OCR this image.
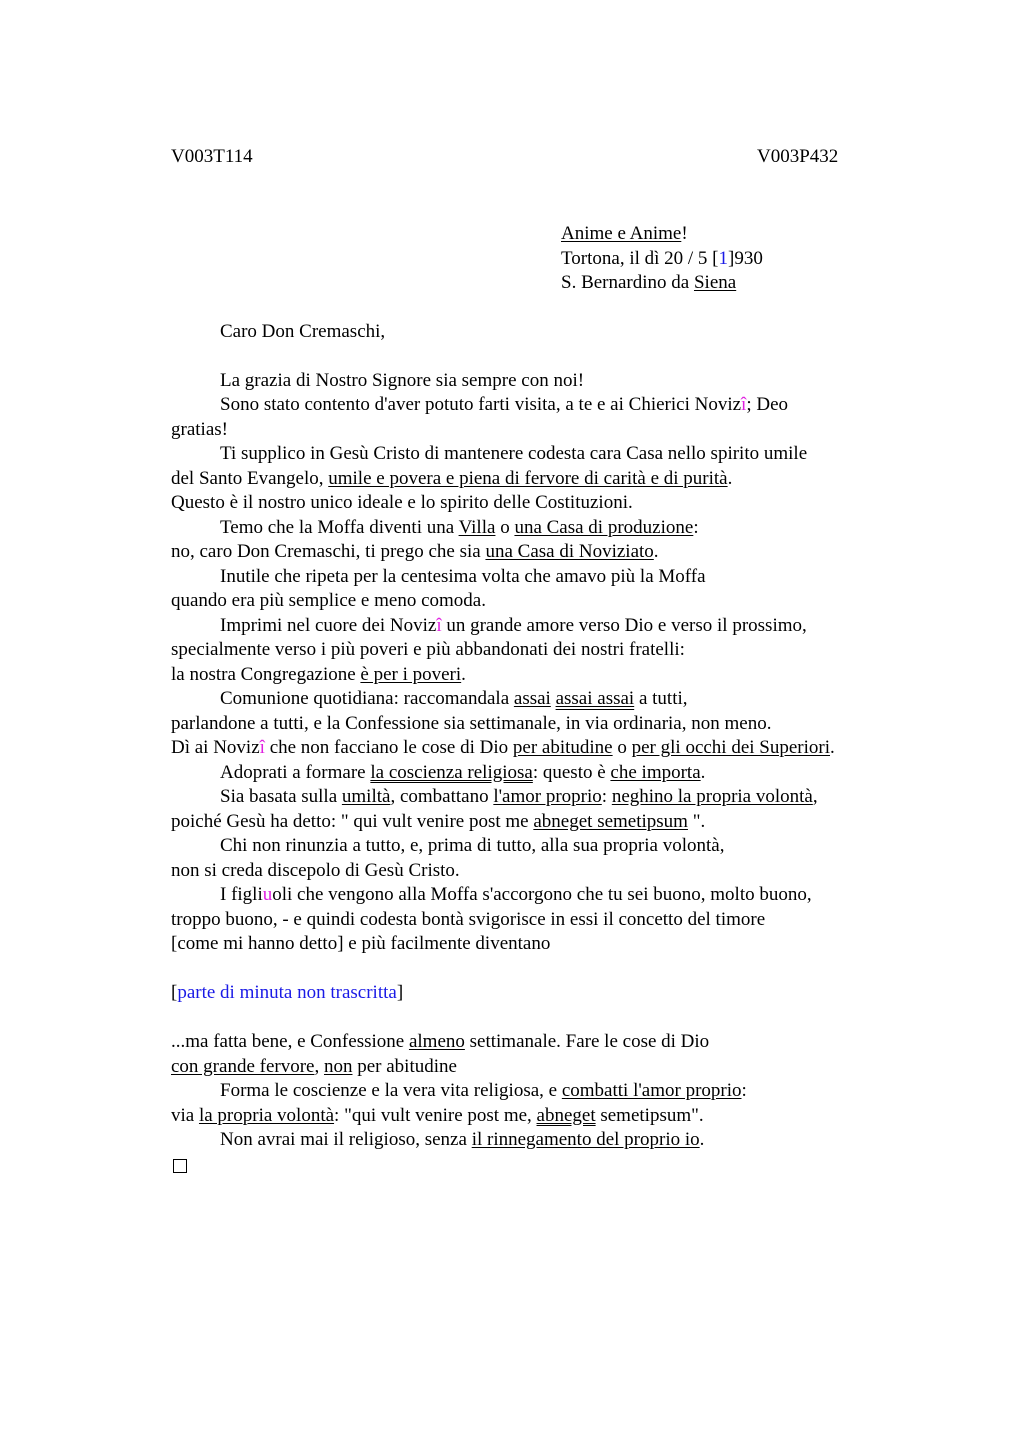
V003T114	V003P432
Anime e Anime!
Tortona, il dì 20 / 5 [1]930
S. Bernardino da Siena
Caro Don Cremaschi,
La grazia di Nostro Signore sia sempre con noi!
Sono stato contento d'aver potuto farti visita, a te e ai Chierici Novizî; Deo
gratias!
Ti supplico in Gesù Cristo di mantenere codesta cara Casa nello spirito umile
del Santo Evangelo, umile e povera e piena di fervore di carità e di purità.
Questo è il nostro unico ideale e lo spirito delle Costituzioni.
Temo che la Moffa diventi una Villa o una Casa di produzione:
no, caro Don Cremaschi, ti prego che sia una Casa di Noviziato.
Inutile che ripeta per la centesima volta che amavo più la Moffa
quando era più semplice e meno comoda.
Imprimi nel cuore dei Novizî un grande amore verso Dio e verso il prossimo,
specialmente verso i più poveri e più abbandonati dei nostri fratelli:
la nostra Congregazione è per i poveri.
Comunione quotidiana: raccomandala assai assai assai a tutti,
parlandone a tutti, e la Confessione sia settimanale, in via ordinaria, non meno.
Dì ai Novizî che non facciano le cose di Dio per abitudine o per gli occhi dei Superiori.
Adoprati a formare la coscienza religiosa: questo è che importa.
Sia basata sulla umiltà, combattano l'amor proprio: neghino la propria volontà,
poiché Gesù ha detto: " qui vult venire post me abneget semetipsum ".
Chi non rinunzia a tutto, e, prima di tutto, alla sua propria volontà,
non si creda discepolo di Gesù Cristo.
I figliuoli che vengono alla Moffa s'accorgono che tu sei buono, molto buono,
troppo buono, - e quindi codesta bontà svigorisce in essi il concetto del timore
[come mi hanno detto] e più facilmente diventano
[parte di minuta non trascritta]
...ma fatta bene, e Confessione almeno settimanale. Fare le cose di Dio
con grande fervore, non per abitudine
Forma le coscienze e la vera vita religiosa, e combatti l'amor proprio:
via la propria volontà: "qui vult venire post me, abneget semetipsum".
Non avrai mai il religioso, senza il rinnegamento del proprio io.
